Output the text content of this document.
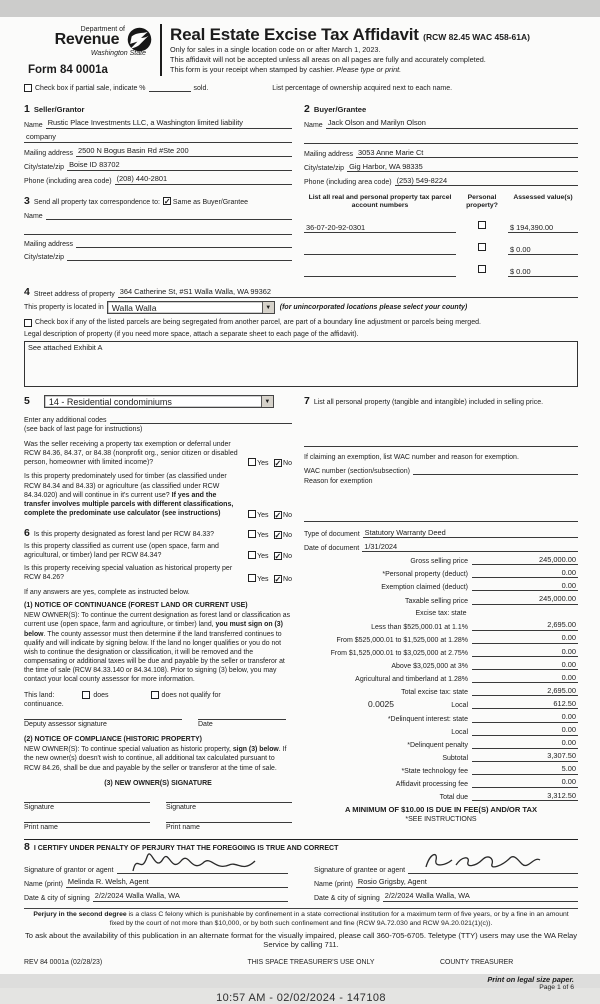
Department of
Revenue
Washington State
Form 84 0001a
Real Estate Excise Tax Affidavit (RCW 82.45 WAC 458-61A)
Only for sales in a single location code on or after March 1, 2023.
This affidavit will not be accepted unless all areas on all pages are fully and accurately completed.
This form is your receipt when stamped by cashier. Please type or print.
Check box if partial sale, indicate %	sold.	List percentage of ownership acquired next to each name.
1 Seller/Grantor
Name Rustic Place Investments LLC, a Washington limited liability
company
Mailing address 2500 N Bogus Basin Rd #Ste 200
City/state/zip Boise ID 83702
Phone (including area code) (208) 440-2801
3 Send all property tax correspondence to: ✓ Same as Buyer/Grantee
Name
Mailing address
City/state/zip
2 Buyer/Grantee
Name Jack Olson and Marilyn Olson
Mailing address 3053 Anne Marie Ct
City/state/zip Gig Harbor, WA 98335
Phone (including area code) (253) 549-8224
List all real and personal property tax parcel account numbers
Personal property?
Assessed value(s)
36-07-20-92-0301	$ 194,390.00
$ 0.00
$ 0.00
4 Street address of property 364 Catherine St, #S1 Walla Walla, WA 99362
This property is located in Walla Walla	▼	(for unincorporated locations please select your county)
Check box if any of the listed parcels are being segregated from another parcel, are part of a boundary line adjustment or parcels being merged.
Legal description of property (if you need more space, attach a separate sheet to each page of the affidavit).
See attached Exhibit A
5	14 - Residential condominiums	▼
Enter any additional codes
(see back of last page for instructions)
Was the seller receiving a property tax exemption or deferral under RCW 84.36, 84.37, or 84.38 (nonprofit org., senior citizen or disabled person, homeowner with limited income)?	Yes ✓ No
Is this property predominately used for timber (as classified under RCW 84.34 and 84.33) or agriculture (as classified under RCW 84.34.020) and will continue in it's current use? If yes and the transfer involves multiple parcels with different classifications, complete the predominate use calculator (see instructions)	Yes ✓ No
6 Is this property designated as forest land per RCW 84.33?	Yes ✓ No
Is this property classified as current use (open space, farm and agricultural, or timber) land per RCW 84.34?	Yes ✓ No
Is this property receiving special valuation as historical property per RCW 84.26?	Yes ✓ No
If any answers are yes, complete as instructed below.
(1) NOTICE OF CONTINUANCE (FOREST LAND OR CURRENT USE)
NEW OWNER(S): To continue the current designation as forest land or classification as current use (open space, farm and agriculture, or timber) land, you must sign on (3) below. The county assessor must then determine if the land transferred continues to qualify and will indicate by signing below. If the land no longer qualifies or you do not wish to continue the designation or classification, it will be removed and the compensating or additional taxes will be due and payable by the seller or transferor at the time of sale (RCW 84.33.140 or 84.34.108). Prior to signing (3) below, you may contact your local county assessor for more information.
This land:	does	does not qualify for
continuance.
Deputy assessor signature	Date
(2) NOTICE OF COMPLIANCE (HISTORIC PROPERTY)
NEW OWNER(S): To continue special valuation as historic property, sign (3) below. If the new owner(s) doesn't wish to continue, all additional tax calculated pursuant to RCW 84.26, shall be due and payable by the seller or transferor at the time of sale.
(3) NEW OWNER(S) SIGNATURE
Signature	Signature
Print name	Print name
7 List all personal property (tangible and intangible) included in selling price.
If claiming an exemption, list WAC number and reason for exemption.
WAC number (section/subsection)
Reason for exemption
Type of document Statutory Warranty Deed
Date of document 1/31/2024
Gross selling price	245,000.00
*Personal property (deduct)	0.00
Exemption claimed (deduct)	0.00
Taxable selling price	245,000.00
Excise tax: state
Less than $525,000.01 at 1.1%	2,695.00
From $525,000.01 to $1,525,000 at 1.28%	0.00
From $1,525,000.01 to $3,025,000 at 2.75%	0.00
Above $3,025,000 at 3%	0.00
Agricultural and timberland at 1.28%	0.00
Total excise tax: state	2,695.00
0.0025	Local	612.50
*Delinquent interest: state	0.00
Local	0.00
*Delinquent penalty	0.00
Subtotal	3,307.50
*State technology fee	5.00
Affidavit processing fee	0.00
Total due	3,312.50
A MINIMUM OF $10.00 IS DUE IN FEE(S) AND/OR TAX
*SEE INSTRUCTIONS
8 I CERTIFY UNDER PENALTY OF PERJURY THAT THE FOREGOING IS TRUE AND CORRECT
Signature of grantor or agent
Name (print) Melinda R. Welsh, Agent
Date & city of signing 2/2/2024 Walla Walla, WA
Signature of grantee or agent
Name (print) Rosio Grigsby, Agent
Date & city of signing 2/2/2024 Walla Walla, WA
Perjury in the second degree is a class C felony which is punishable by confinement in a state correctional institution for a maximum term of five years, or by a fine in an amount fixed by the court of not more than $10,000, or by both such confinement and fine (RCW 9A.72.030 and RCW 9A.20.021(1)(c)).
To ask about the availability of this publication in an alternate format for the visually impaired, please call 360-705-6705. Teletype (TTY) users may use the WA Relay Service by calling 711.
REV 84 0001a (02/28/23)	THIS SPACE TREASURER'S USE ONLY	COUNTY TREASURER
10:57 AM - 02/02/2024 - 147108
Print on legal size paper.
Page 1 of 6
